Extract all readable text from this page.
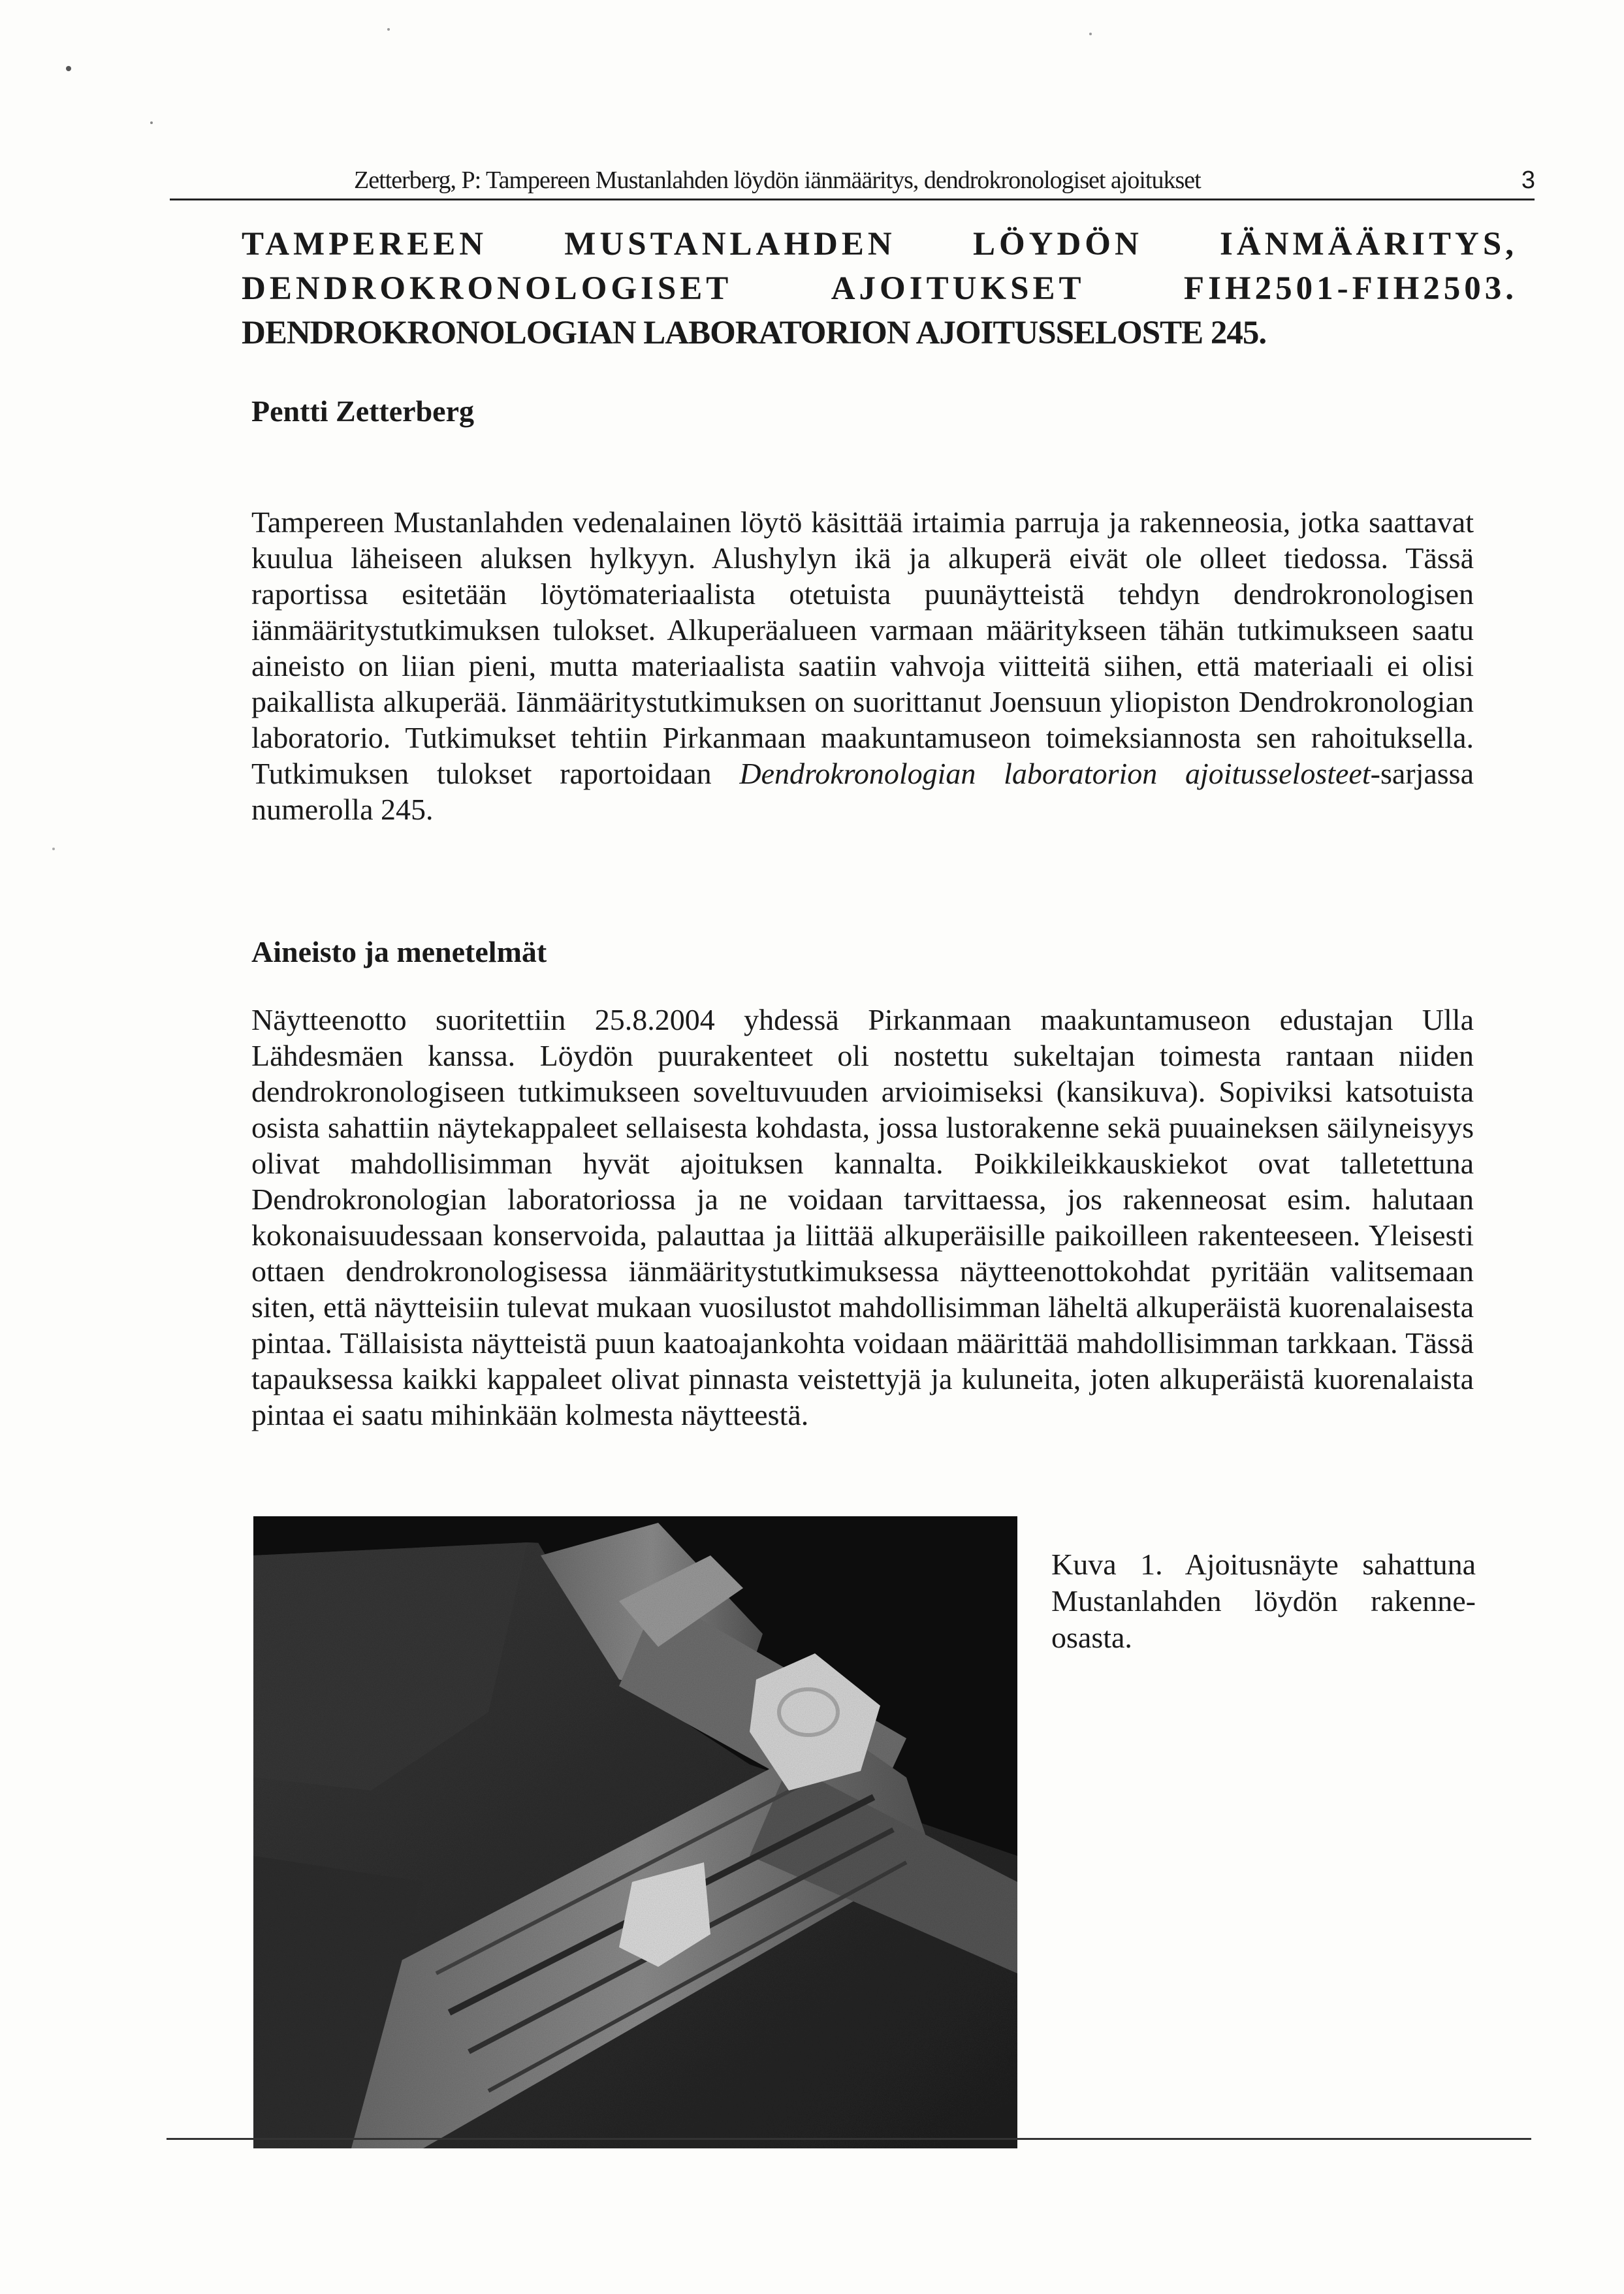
Zetterberg, P: Tampereen Mustanlahden löydön iänmääritys, dendrokronologiset ajoitukset	3
TAMPEREEN MUSTANLAHDEN LÖYDÖN IÄNMÄÄRITYS,
DENDROKRONOLOGISET	AJOITUKSET	FIH2501-FIH2503.
DENDROKRONOLOGIAN LABORATORION AJOITUSSELOSTE 245.
Pentti Zetterberg

Tampereen Mustanlahden vedenalainen löytö käsittää irtaimia parruja ja rakenneosia, jotka saattavat kuulua läheiseen aluksen hylkyyn. Alushylyn ikä ja alkuperä eivät ole olleet tiedossa. Tässä raportissa esitetään löytömateriaalista otetuista puunäytteistä tehdyn dendrokronologisen iänmääritystutkimuksen tulokset. Alkuperäalueen varmaan määritykseen tähän tutkimukseen saatu aineisto on liian pieni, mutta materiaalista saatiin vahvoja viitteitä siihen, että materiaali ei olisi paikallista alkuperää. Iänmääritystutkimuksen on suorittanut Joensuun yliopiston Dendrokronologian laboratorio. Tutkimukset tehtiin Pirkanmaan maakuntamuseon toimeksiannosta sen rahoituksella. Tutkimuksen tulokset raportoidaan Dendrokronologian laboratorion ajoitusselosteet-sarjassa numerolla 245.

Aineisto ja menetelmät

Näytteenotto suoritettiin 25.8.2004 yhdessä Pirkanmaan maakuntamuseon edustajan Ulla Lähdesmäen kanssa. Löydön puurakenteet oli nostettu sukeltajan toimesta rantaan niiden dendrokronologiseen tutkimukseen soveltuvuuden arvioimiseksi (kansikuva). Sopiviksi katsotuista osista sahattiin näytekappaleet sellaisesta kohdasta, jossa lustorakenne sekä puuaineksen säilyneisyys olivat mahdollisimman hyvät ajoituksen kannalta. Poikkileikkauskiekot ovat talletettuna Dendrokronologian laboratoriossa ja ne voidaan tarvittaessa, jos rakenneosat esim. halutaan kokonaisuudessaan konservoida, palauttaa ja liittää alkuperäisille paikoilleen rakenteeseen. Yleisesti ottaen dendrokronologisessa iänmääritystutkimuksessa näytteenottokohdat pyritään valitsemaan siten, että näytteisiin tulevat mukaan vuosilustot mahdollisimman läheltä alkuperäistä kuorenalaisesta pintaa. Tällaisista näytteistä puun kaatoajankohta voidaan määrittää mahdollisimman tarkkaan. Tässä tapauksessa kaikki kappaleet olivat pinnasta veistettyjä ja kuluneita, joten alkuperäistä kuorenalaista pintaa ei saatu mihinkään kolmesta näytteestä.

Kuva 1. Ajoitusnäyte sahattuna Mustanlahden löydön rakenneosasta.
